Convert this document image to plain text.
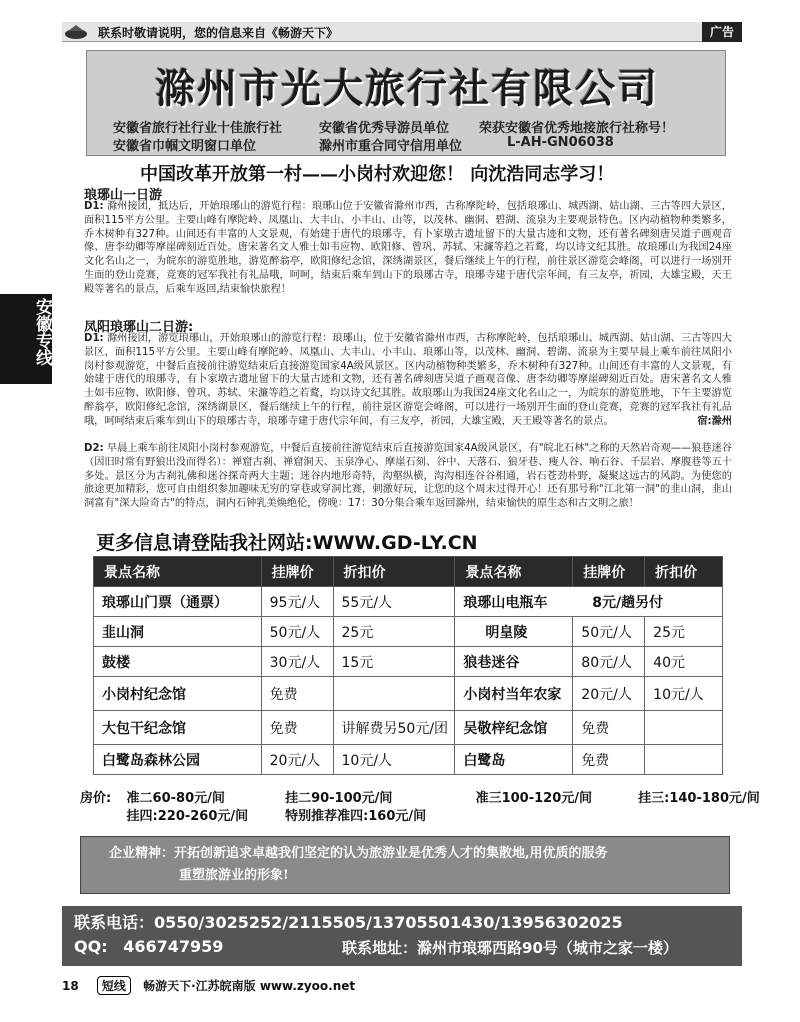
联系时敬请说明，您的信息来自《畅游天下》	广告
安徽专线
滁州市光大旅行社有限公司
安徽省旅行社行业十佳旅行社	安徽省优秀导游员单位 荣获安徽省优秀地接旅行社称号！
安徽省巾帼文明窗口单位	滁州市重合同守信用单位	L-AH-GN06038
中国改革开放第一村——小岗村欢迎您！ 向沈浩同志学习！
琅琊山一日游
D1: 滁州接团，抵达后，开始琅琊山的游览行程：琅琊山位于安徽省滁州市西，古称摩陀岭，包括琅琊山、城西湖、姑山湖、三古等四大景区，面积115平方公里。主要山峰有摩陀岭、凤凰山、大丰山、小丰山、山等，以茂林、幽洞、碧湖、流泉为主要观景特色。区内动植物种类繁多，乔木树种有327种。山间还有丰富的人文景观，有始建于唐代的琅琊寺，有卜家墩古遗址留下的大量古迹和文物，还有著名碑刻唐吴道子画观音像、唐李幼卿等摩崖碑刻近百处。唐宋著名文人雅士如韦应物、欧阳修、曾巩、苏轼、宋濂等趋之若鹜，均以诗文纪其胜。故琅琊山为我国24座文化名山之一，为皖东的游览胜地，游览醉翁亭，欧阳修纪念馆，深绣湖景区，餐后继续上午的行程，前往景区游览会峰阁，可以进行一场别开生面的登山竞赛，竞赛的冠军我社有礼品哦，呵呵，结束后乘车到山下的琅琊古寺，琅琊寺建于唐代宗年间，有三友亭，祈园，大雄宝殿，天王殿等著名的景点，后乘车返回,结束愉快旅程！
凤阳琅琊山二日游:
D1: 滁州接团，游览琅琊山，开始琅琊山的游览行程：琅琊山，位于安徽省滁州市西，古称摩陀岭，包括琅琊山、城西湖、姑山湖、三古等四大景区，面积115平方公里。主要山峰有摩陀岭、凤凰山、大丰山、小丰山、琅琊山等，以茂林、幽洞、碧湖、流泉为主要早晨上乘车前往凤阳小岗村参观游览，中餐后直接前往游览结束后直接游览国家4A级风景区。区内动植物种类繁多，乔木树种有327种。山间还有丰富的人文景观，有始建于唐代的琅琊寺，有卜家墩古遗址留下的大量古迹和文物，还有著名碑刻唐吴道子画观音像、唐李幼卿等摩崖碑刻近百处。唐宋著名文人雅士如韦应物、欧阳修、曾巩、苏轼、宋濂等趋之若鹜，均以诗文纪其胜。故琅琊山为我国24座文化名山之一，为皖东的游览胜地，下午主要游览醉翁亭，欧阳修纪念馆，深绣湖景区，餐后继续上午的行程，前往景区游览会峰阁，可以进行一场别开生面的登山竞赛，竞赛的冠军我社有礼品哦，呵呵结束后乘车到山下的琅琊古寺，琅琊寺建于唐代宗年间，有三友亭，祈园，大雄宝殿，天王殿等著名的景点。	宿:滁州
D2: 早晨上乘车前往凤阳小岗村参观游览，中餐后直接前往游览结束后直接游览国家4A级风景区，有"皖北石林"之称的天然岩奇观——狼巷迷谷（因旧时常有野狼出没而得名）：禅窟古刹、禅窟洞天、玉泉净心、摩崖石刻、谷中、天落石、狼牙巷、瘦人谷、响石谷、千层岩、摩腹巷等五十多处。景区分为古刹礼佛和迷谷探奇两大主题；迷谷内地形奇特，沟壑纵横，沟沟相连谷谷相通，岩石苍劲朴野，凝聚这远古的风韵。为使您的旅途更加精彩，您可自由组织参加趣味无穷的穿巷或穿洞比赛，刺激好玩，让您的这个周末过得开心！还有那号称"江北第一洞"的韭山洞，韭山洞富有"深大险奇古"的特点，洞内石钟乳美焕绝伦，傍晚：17：30分集合乘车返回滁州，结束愉快的原生态和古文明之旅！
更多信息请登陆我社网站:WWW.GD-LY.CN
景点名称	挂牌价	折扣价	景点名称	挂牌价	折扣价
琅琊山门票（通票）	95元/人	55元/人	琅琊山电瓶车 8元/趟另付		
韭山洞	50元/人	25元	明皇陵	50元/人	25元
鼓楼	30元/人	15元	狼巷迷谷	80元/人	40元
小岗村纪念馆	免费		小岗村当年农家	20元/人	10元/人
大包干纪念馆	免费	讲解费另50元/团	吴敬梓纪念馆	免费	
白鹭岛森林公园	20元/人	10元/人	白鹭岛	免费	
房价: 准二60-80元/间	挂二90-100元/间	准三100-120元/间	挂三:140-180元/间
挂四:220-260元/间	特别推荐准四:160元/间
企业精神：开拓创新追求卓越我们坚定的认为旅游业是优秀人才的集散地,用优质的服务
重塑旅游业的形象!
联系电话：0550/3025252/2115505/13705501430/13956302025
QQ: 466747959	联系地址：滁州市琅琊西路90号（城市之家一楼）
18 短线 畅游天下·江苏皖南版 www.zyoo.net
